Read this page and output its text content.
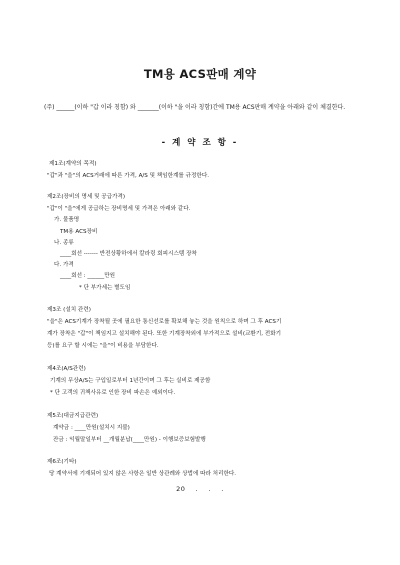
TM용 ACS판매 계약
(주) ______(이하 "갑 이라 칭함) 와 _______(이하 "을 이라 칭함)간에 TM용 ACS판매 계약을 아래와 같이 체결한다.
- 계 약 조 항 -
제1조(계약의 목적)
"갑"과 "을"의 ACS거래에 따른 가격, A/S 및 책임한계를 규정한다.
제2조(장비의 명세 및 공급가격)
"갑"이 "을"에게 공급하는 장비명세 및 가격은 아래와 같다.
가. 물품명
TM용 ACS장비
나. 종류
____회선 ------- 반전상황하에서 칼라링 회피시스템 장착
다. 가격
____회선 : ______만원
* 단 부가세는 별도임
제3조 (설치 관련)
"을"은 ACS기계가 장착될 곳에 필요한 통신선로를 확보해 놓는 것을 원칙으로 하며 그 후 ACS기
계가 장착은 "갑"이 책임지고 설치해야 된다. 또한 기계장착외에 부가적으로 설비(교환기, 전화기
등)를 요구 할 시에는 "을"이 비용을 부담한다.
제4조(A/S관련)
기계의 무상A/S는 구입일로부터 1년간이며 그 후는 실비로 제공함
* 단 고객의 귀책사유로 인한 장비 파손은 예외이다.
제5조(대금지급관련)
계약금 : ____만원(설치시 지불)
잔금 : 익월말일부터 __개월분납(____만원) - 이행보증보험발행
제6조(기타)
당 계약서에 기재되어 있지 않은 사항은 일반 상관례와 상법에 따라 처리한다.
20    .    .    .
